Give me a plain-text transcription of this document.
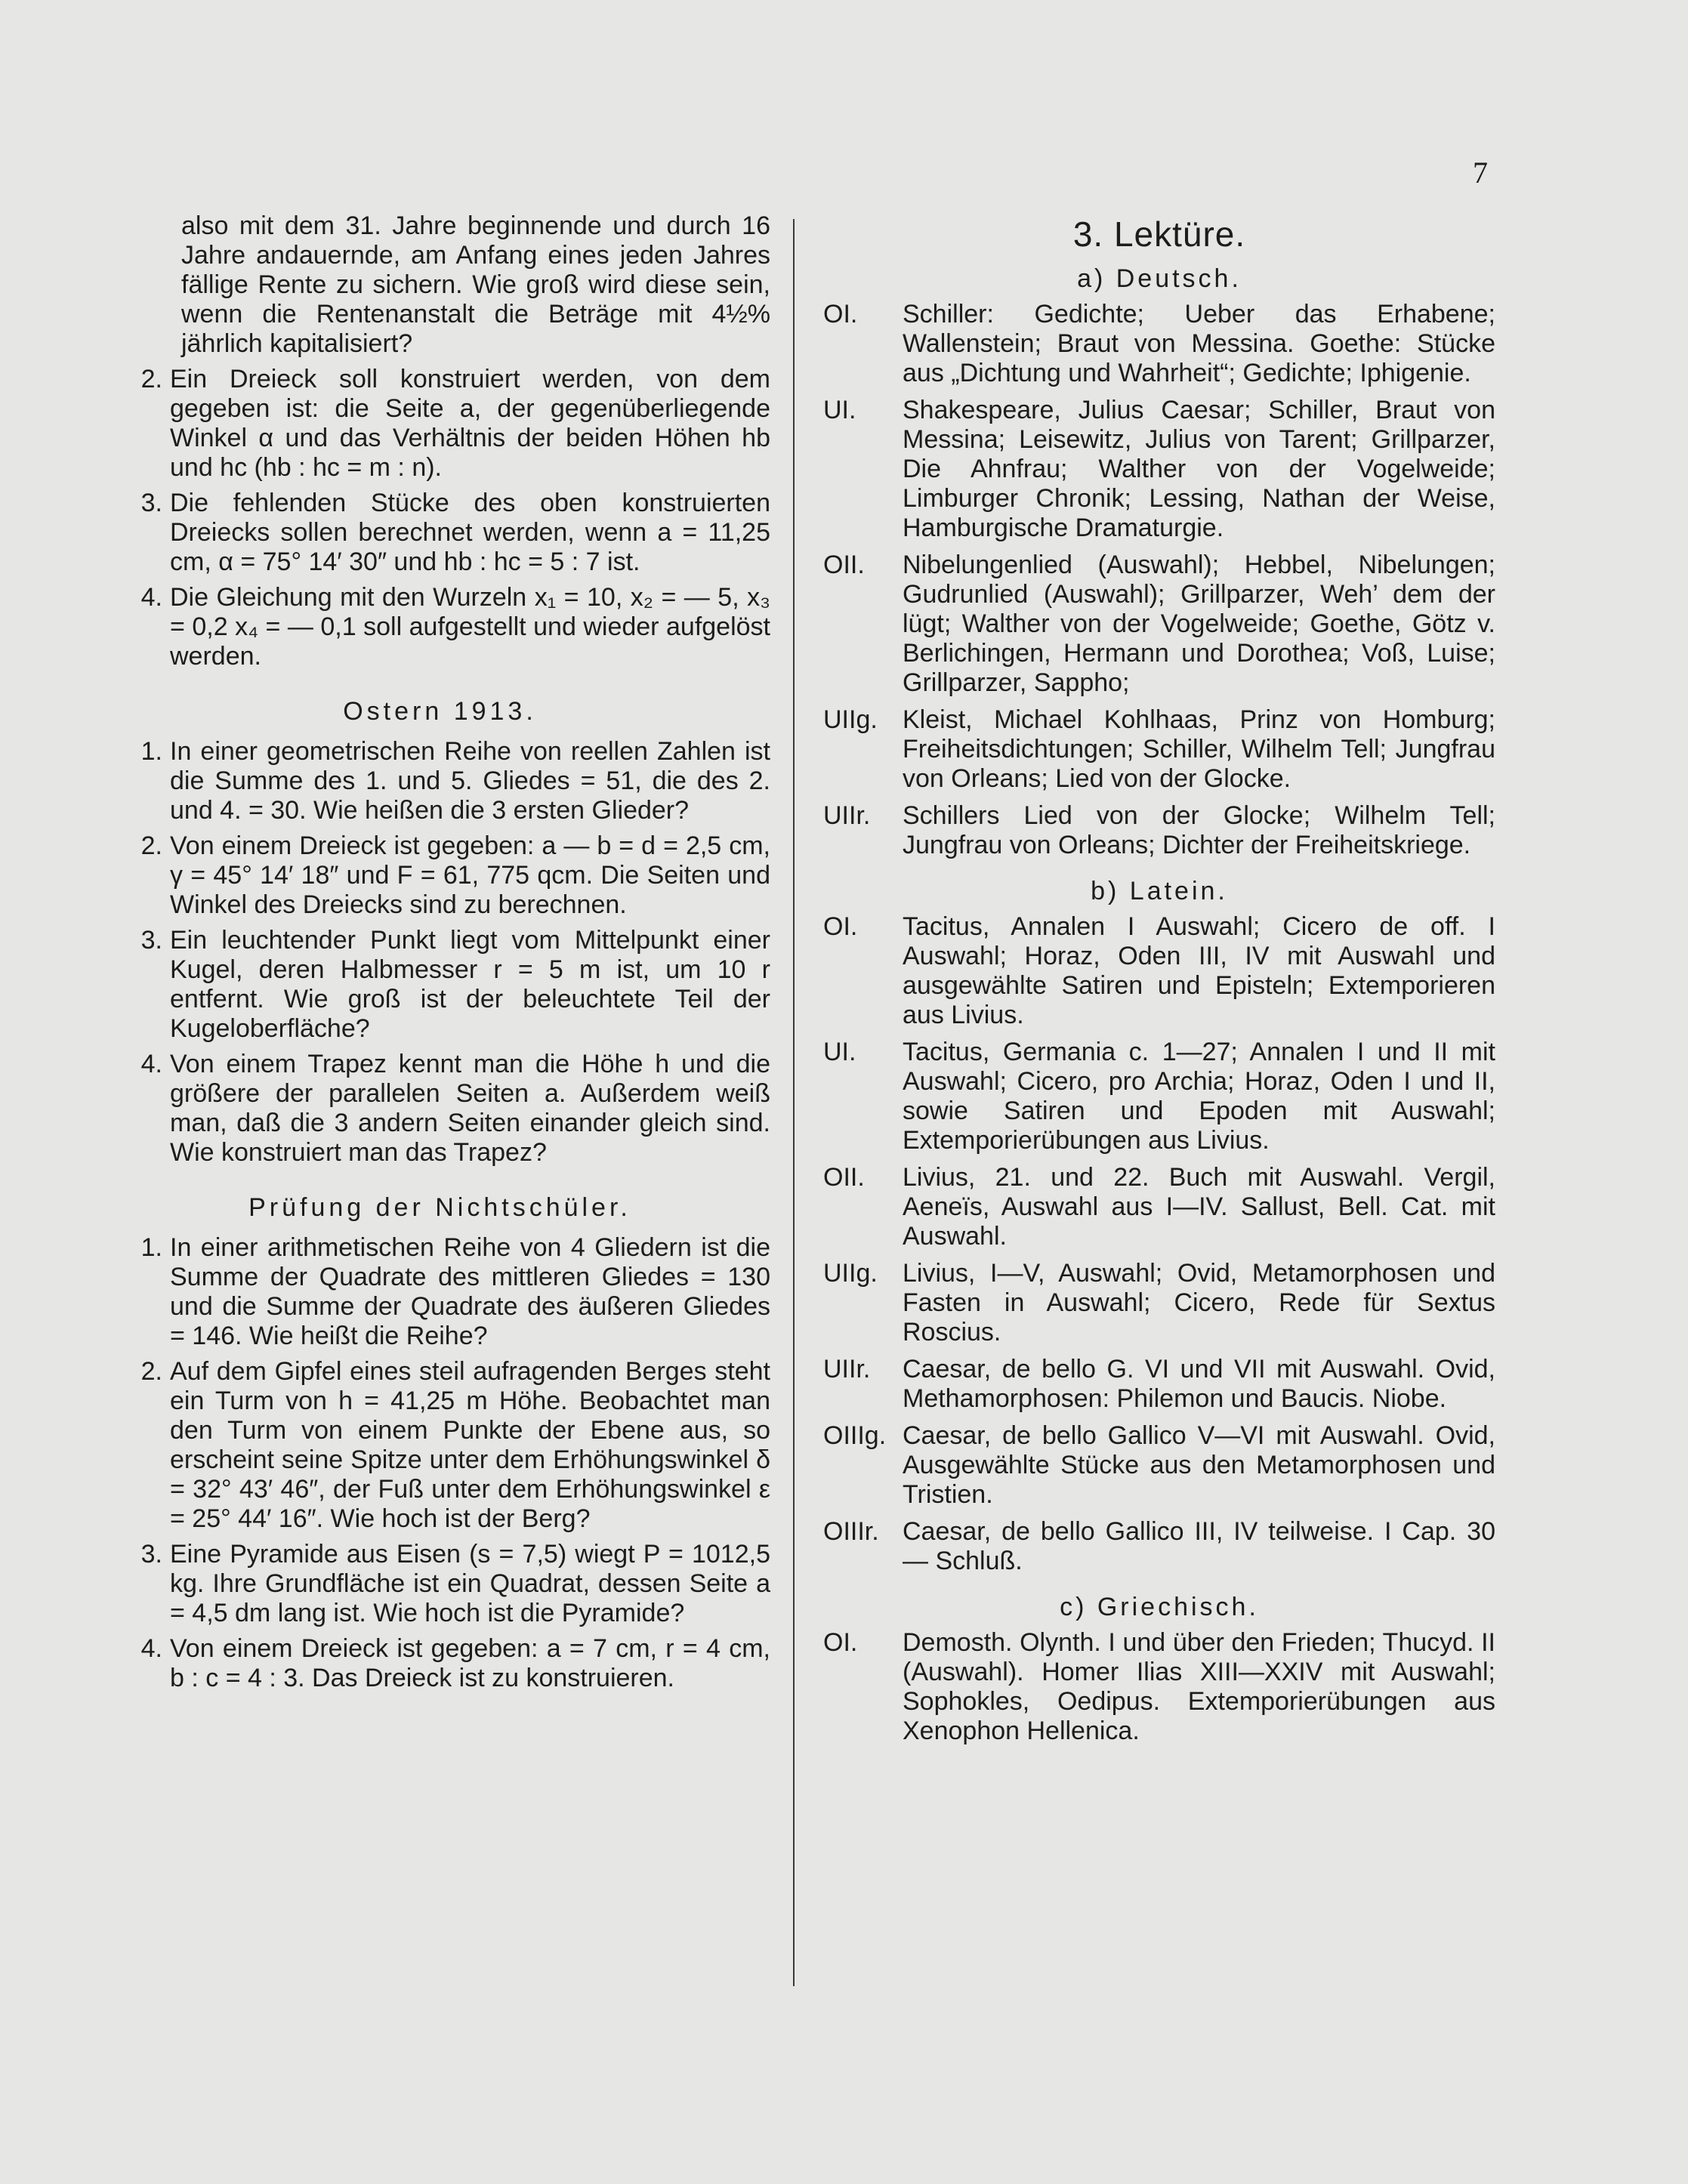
7

also mit dem 31. Jahre beginnende und durch 16 Jahre andauernde, am Anfang eines jeden Jahres fällige Rente zu sichern. Wie groß wird diese sein, wenn die Rentenanstalt die Beträge mit 4½% jährlich kapitalisiert?

2. Ein Dreieck soll konstruiert werden, von dem gegeben ist: die Seite a, der gegenüberliegende Winkel α und das Verhältnis der beiden Höhen hb und hc (hb : hc = m : n).
3. Die fehlenden Stücke des oben konstruierten Dreiecks sollen berechnet werden, wenn a = 11,25 cm, α = 75° 14′ 30″ und hb : hc = 5 : 7 ist.
4. Die Gleichung mit den Wurzeln x₁ = 10, x₂ = — 5, x₃ = 0,2 x₄ = — 0,1 soll aufgestellt und wieder aufgelöst werden.
Ostern 1913.
1. In einer geometrischen Reihe von reellen Zahlen ist die Summe des 1. und 5. Gliedes = 51, die des 2. und 4. = 30. Wie heißen die 3 ersten Glieder?
2. Von einem Dreieck ist gegeben: a — b = d = 2,5 cm, γ = 45° 14′ 18″ und F = 61, 775 qcm. Die Seiten und Winkel des Dreiecks sind zu berechnen.
3. Ein leuchtender Punkt liegt vom Mittelpunkt einer Kugel, deren Halbmesser r = 5 m ist, um 10 r entfernt. Wie groß ist der beleuchtete Teil der Kugeloberfläche?
4. Von einem Trapez kennt man die Höhe h und die größere der parallelen Seiten a. Außerdem weiß man, daß die 3 andern Seiten einander gleich sind. Wie konstruiert man das Trapez?
Prüfung der Nichtschüler.
1. In einer arithmetischen Reihe von 4 Gliedern ist die Summe der Quadrate des mittleren Gliedes = 130 und die Summe der Quadrate des äußeren Gliedes = 146. Wie heißt die Reihe?
2. Auf dem Gipfel eines steil aufragenden Berges steht ein Turm von h = 41,25 m Höhe. Beobachtet man den Turm von einem Punkte der Ebene aus, so erscheint seine Spitze unter dem Erhöhungswinkel δ = 32° 43′ 46″, der Fuß unter dem Erhöhungswinkel ε = 25° 44′ 16″. Wie hoch ist der Berg?
3. Eine Pyramide aus Eisen (s = 7,5) wiegt P = 1012,5 kg. Ihre Grundfläche ist ein Quadrat, dessen Seite a = 4,5 dm lang ist. Wie hoch ist die Pyramide?
4. Von einem Dreieck ist gegeben: a = 7 cm, r = 4 cm, b : c = 4 : 3. Das Dreieck ist zu konstruieren.
3. Lektüre.
a) Deutsch.
OI.	Schiller: Gedichte; Ueber das Erhabene; Wallenstein; Braut von Messina. Goethe: Stücke aus „Dichtung und Wahrheit“; Gedichte; Iphigenie.
UI.	Shakespeare, Julius Caesar; Schiller, Braut von Messina; Leisewitz, Julius von Tarent; Grillparzer, Die Ahnfrau; Walther von der Vogelweide; Limburger Chronik; Lessing, Nathan der Weise, Hamburgische Dramaturgie.
OII.	Nibelungenlied (Auswahl); Hebbel, Nibelungen; Gudrunlied (Auswahl); Grillparzer, Weh’ dem der lügt; Walther von der Vogelweide; Goethe, Götz v. Berlichingen, Hermann und Dorothea; Voß, Luise; Grillparzer, Sappho;
UIIg. Kleist, Michael Kohlhaas, Prinz von Homburg; Freiheitsdichtungen; Schiller, Wilhelm Tell; Jungfrau von Orleans; Lied von der Glocke.
UIIr.	Schillers Lied von der Glocke; Wilhelm Tell; Jungfrau von Orleans; Dichter der Freiheitskriege.
b) Latein.
OI.	Tacitus, Annalen I Auswahl; Cicero de off. I Auswahl; Horaz, Oden III, IV mit Auswahl und ausgewählte Satiren und Episteln; Extemporieren aus Livius.
UI.	Tacitus, Germania c. 1—27; Annalen I und II mit Auswahl; Cicero, pro Archia; Horaz, Oden I und II, sowie Satiren und Epoden mit Auswahl; Extemporierübungen aus Livius.
OII.	Livius, 21. und 22. Buch mit Auswahl. Vergil, Aeneïs, Auswahl aus I—IV. Sallust, Bell. Cat. mit Auswahl.
UIIg. Livius, I—V, Auswahl; Ovid, Metamorphosen und Fasten in Auswahl; Cicero, Rede für Sextus Roscius.
UIIr.	Caesar, de bello G. VI und VII mit Auswahl. Ovid, Methamorphosen: Philemon und Baucis. Niobe.
OIIIg. Caesar, de bello Gallico V—VI mit Auswahl. Ovid, Ausgewählte Stücke aus den Metamorphosen und Tristien.
OIIIr. Caesar, de bello Gallico III, IV teilweise. I Cap. 30 — Schluß.
c) Griechisch.
OI.	Demosth. Olynth. I und über den Frieden; Thucyd. II (Auswahl). Homer Ilias XIII—XXIV mit Auswahl; Sophokles, Oedipus. Extemporierübungen aus Xenophon Hellenica.
